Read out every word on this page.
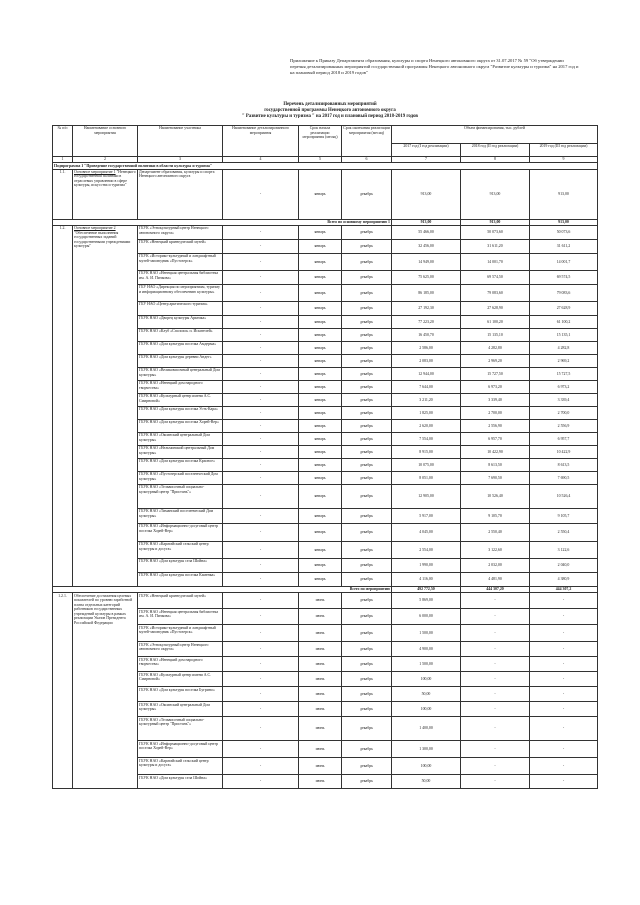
Приложение к Приказу Департамента образования, культуры и спорта Ненецкого автономного округа от 31.07.2017 № 59 "Об утверждении перечня детализированных мероприятий государственной программы Ненецкого автономного округа "Развитие культуры и туризма" на 2017 год и на плановый период 2018 и 2019 годов"
Перечень детализированных мероприятий
государственной программы Ненецкого автономного округа
" Развитие культуры и туризма " на 2017 год и плановый период 2018-2019 годов
№ п/п	Наименование основного мероприятия	Наименование участника	Наименование детализированного мероприятия	Срок начала реализации мероприятия (месяц)	Срок окончания реализации мероприятия (месяц)	Объем финансирования, тыс. рублей		
						2017 год (I год реализации)	2018 год (II год реализации)	2019 год (III год реализации)
1	2	3	4	5	6	7	8	9
Подпрограмма 1 "Проведение государственной политики в области культуры и туризма"								
1.1.	Основное мероприятие 1 "Ненецкого государственной политики в отраслевых управлении в сфере культуры, искусства и туризма"	Департамент образования, культуры и спорта Ненецкого автономного округа	-	январь	декабрь	913,00	913,00	913,00
Всего по основному мероприятию 1						913,00	913,00	913,00
1.2.	Основное мероприятие 2 "Обеспечение выполнения государственных заданий государственными учреждениями культуры"	ГБУК «Этнокультурный центр Ненецкого автономного округа»	-	январь	декабрь	55 466,00	50 073,60	50 073,6
		ГБУК «Ненецкий краеведческий музей»	-	январь	декабрь	32 456,00	31 611,20	31 611,2
		ГБУК «Историко-культурный и ландшафтный музей-заповедник «Пустозерск»	-	январь	декабрь	14 949,00	14 001,70	14 001,7
		ГБУК НАО «Ненецкая центральная библиотека им. А. И. Пичкова»	-	январь	декабрь	75 625,00	69 574,50	69 574,5
		ГБУ НАО «Дирекция по мероприятиям, туризму и информационному обеспечению культуры»	-	январь	декабрь	86 185,00	79 083,60	79 083,6
		ГБУ НАО «Центр арктического туризма»	-	январь	декабрь	27 192,30	27 628,90	27 628,9
		ГБУК НАО «Дворец культуры Арктика»	-	январь	декабрь	77 223,20	61 100,20	61 100,2
		ГБУК НАО «Клуб «Сполохи» п. Искателей»	-	январь	декабрь	16 450,70	15 135,10	15 135,1
		ГБУК НАО «Дом культуры поселка Амдерма»	-	январь	декабрь	2 586,00	4 282,80	4 282,8
		ГБУК НАО «Дом культуры деревни Андег»	-	январь	декабрь	2 083,00	2 969,20	2 969,2
		ГБУК НАО «Великовисочный центральный Дом культуры»	-	январь	декабрь	12 944,00	15 727,50	15 727,5
		ГБУК НАО «Ненецкий дом народного творчества»	-	январь	декабрь	7 644,00	6 973,20	6 973,2
		ГБУК НАО «Культурный центр имени А.С. Смирновой»	-	январь	декабрь	3 211,20	3 339,40	3 339,4
		ГБУК НАО «Дом культуры поселка Усть-Кара»	-	январь	декабрь	1 825,00	2 700,00	2 700,0
		ГБУК НАО «Дом культуры поселка Хорей-Вер»	-	январь	декабрь	2 620,00	2 556,90	2 556,9
		ГБУК НАО «Оксинский центральный Дом культуры»	-	январь	декабрь	7 554,00	6 957,70	6 957,7
		ГБУК НАО «Нельминский центральный Дом культуры»	-	январь	декабрь	8 915,00	10 422,90	10 422,9
		ГБУК НАО «Дом культуры поселка Красное»	-	январь	декабрь	10 075,00	8 613,50	8 613,5
		ГБУК НАО «Пустозерский поселенческий Дом культуры»	-	январь	декабрь	8 051,00	7 690,50	7 690,5
		ГБУК НАО «Тельвисочный социально-культурный центр "Пристань"»	-	январь	декабрь	12 905,00	10 526,40	10 526,4
		ГБУК НАО «Тиманский поселенческий Дом культуры»	-	январь	декабрь	5 917,00	9 105,70	9 105,7
		ГБУК НАО «Информационно-досуговый центр поселка Хорей-Вер»	-	январь	декабрь	4 045,00	2 550,40	2 550,4
		ГБУК НАО «Каратайский сельский центр культуры и досуга»	-	январь	декабрь	2 554,00	3 122,60	3 122,6
		ГБУК НАО «Дом культуры села Шойна»	-	январь	декабрь	1 990,00	2 032,00	2 040,0
		ГБУК НАО «Дом культуры поселка Каменка»	-	январь	декабрь	4 116,00	4 481,90	4 380,9
Всего по мероприятию						492 772,50	444 307,20	444 307,2
1.2.1.	Обеспечение достижения целевых показателей по уровню заработной платы отдельных категорий работников государственных учреждений культуры в рамках реализации Указов Президента Российской Федерации	ГБУК «Ненецкий краеведческий музей»	-	июнь	декабрь	5 869,00	-	-
		ГБУК НАО «Ненецкая центральная библиотека им. А. И. Пичкова»	-	июнь	декабрь	6 000,00	-	-
		ГБУК «Историко-культурный и ландшафтный музей-заповедник «Пустозерск»	-	июнь	декабрь	1 500,00	-	-
		ГБУК «Этнокультурный центр Ненецкого автономного округа»	-	июнь	декабрь	4 900,00	-	-
		ГБУК НАО «Ненецкий дом народного творчества»	-	июнь	декабрь	1 500,00	-	-
		ГБУК НАО «Культурный центр имени А.С. Смирновой»	-	июнь	декабрь	100,00	-	-
		ГБУК НАО «Дом культуры поселка Бугрино»	-	июнь	декабрь	50,00	-	-
		ГБУК НАО «Оксинский центральный Дом культуры»	-	июнь	декабрь	100,00	-	-
		ГБУК НАО «Тельвисочный социально-культурный центр "Пристань"»	-	июнь	декабрь	1 400,00	-	-
		ГБУК НАО «Информационно-досуговый центр поселка Хорей-Вер»	-	июнь	декабрь	1 300,00	-	-
		ГБУК НАО «Каратайский сельский центр культуры и досуга»	-	июнь	декабрь	100,00	-	-
		ГБУК НАО «Дом культуры села Шойна»	-	июнь	декабрь	50,00	-	-
